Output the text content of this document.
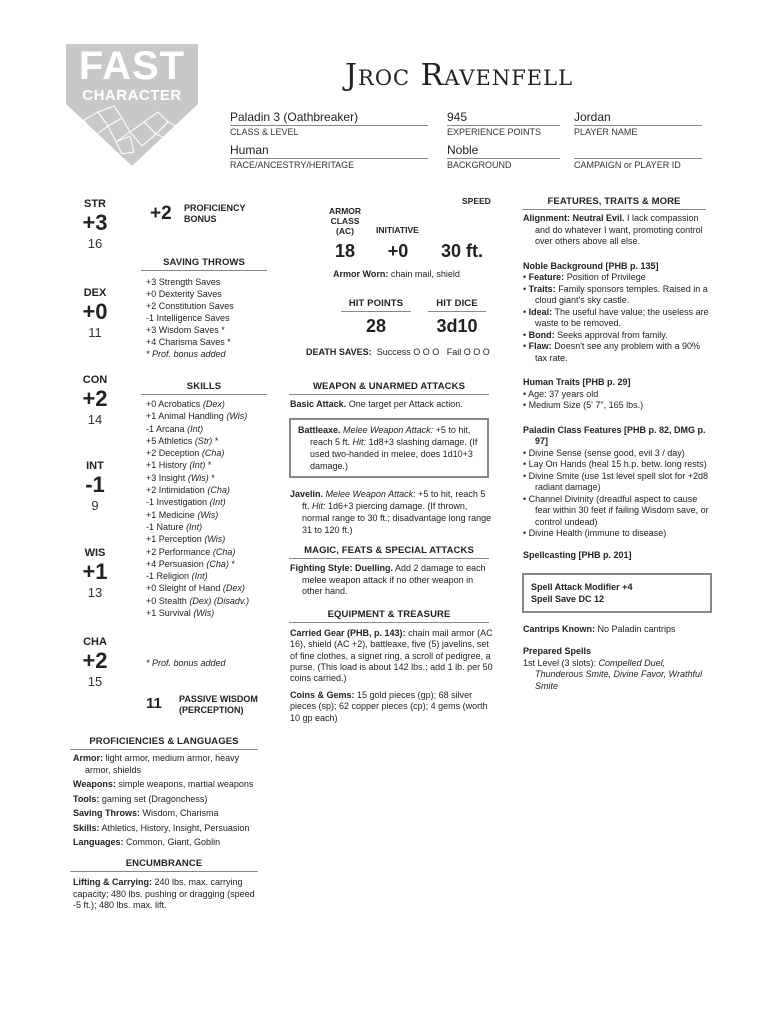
FAST
CHARACTER
Jroc Ravenfell
Paladin 3 (Oathbreaker)
CLASS & LEVEL
945
EXPERIENCE POINTS
Jordan
PLAYER NAME
Human
RACE/ANCESTRY/HERITAGE
Noble
BACKGROUND	CAMPAIGN or PLAYER ID
STR
+3
16
DEX
+0
11
CON
+2
14
INT
-1
9
WIS
+1
13
CHA
+2
15
+2 PROFICIENCY
BONUS
SAVING THROWS
+3 Strength Saves
+0 Dexterity Saves
+2 Constitution Saves
-1 Intelligence Saves
+3 Wisdom Saves *
+4 Charisma Saves *
* Prof. bonus added
SKILLS
+0 Acrobatics (Dex)
+1 Animal Handling (Wis)
-1 Arcana (Int)
+5 Athletics (Str) *
+2 Deception (Cha)
+1 History (Int) *
+3 Insight (Wis) *
+2 Intimidation (Cha)
-1 Investigation (Int)
+1 Medicine (Wis)
-1 Nature (Int)
+1 Perception (Wis)
+2 Performance (Cha)
+4 Persuasion (Cha) *
-1 Religion (Int)
+0 Sleight of Hand (Dex)
+0 Stealth (Dex) (Disadv.)
+1 Survival (Wis)
* Prof. bonus added
11 PASSIVE WISDOM
(PERCEPTION)
PROFICIENCIES & LANGUAGES
Armor: light armor, medium armor, heavy armor, shields
Weapons: simple weapons, martial weapons
Tools: gaming set (Dragonchess)
Saving Throws: Wisdom, Charisma
Skills: Athletics, History, Insight, Persuasion
Languages: Common, Giant, Goblin
ENCUMBRANCE
Lifting & Carrying: 240 lbs. max. carrying capacity; 480 lbs. pushing or dragging (speed -5 ft.); 480 lbs. max. lift.
ARMOR
CLASS
(AC)	INITIATIVE
SPEED
18	+0	30 ft.
Armor Worn: chain mail, shield
HIT POINTS	HIT DICE
28	3d10
DEATH SAVES: Success O O O Fail O O O
WEAPON & UNARMED ATTACKS
Basic Attack. One target per Attack action.
Battleaxe. Melee Weapon Attack: +5 to hit, reach 5 ft. Hit: 1d8+3 slashing damage. (If used two-handed in melee, does 1d10+3 damage.)
Javelin. Melee Weapon Attack: +5 to hit, reach 5 ft. Hit: 1d6+3 piercing damage. (If thrown, normal range to 30 ft.; disadvantage long range 31 to 120 ft.)
MAGIC, FEATS & SPECIAL ATTACKS
Fighting Style: Duelling. Add 2 damage to each melee weapon attack if no other weapon in other hand.
EQUIPMENT & TREASURE
Carried Gear (PHB, p. 143): chain mail armor (AC 16), shield (AC +2), battleaxe, five (5) javelins, set of fine clothes, a signet ring, a scroll of pedigree, a purse. (This load is about 142 lbs.; add 1 lb. per 50 coins carried.)
Coins & Gems: 15 gold pieces (gp); 68 silver pieces (sp); 62 copper pieces (cp); 4 gems (worth 10 gp each)
FEATURES, TRAITS & MORE
Alignment: Neutral Evil. I lack compassion and do whatever I want, promoting control over others above all else.
Noble Background [PHB p. 135]
• Feature: Position of Privilege
• Traits: Family sponsors temples. Raised in a cloud giant's sky castle.
• Ideal: The useful have value; the useless are waste to be removed.
• Bond: Seeks approval from family.
• Flaw: Doesn't see any problem with a 90% tax rate.
Human Traits [PHB p. 29]
• Age: 37 years old
• Medium Size (5' 7", 165 lbs.)
Paladin Class Features [PHB p. 82, DMG p. 97]
• Divine Sense (sense good, evil 3 / day)
• Lay On Hands (heal 15 h.p. betw. long rests)
• Divine Smite (use 1st level spell slot for +2d8 radiant damage)
• Channel Divinity (dreadful aspect to cause fear within 30 feet if failing Wisdom save, or control undead)
• Divine Health (immune to disease)
Spellcasting [PHB p. 201]
Spell Attack Modifier +4
Spell Save DC 12
Cantrips Known: No Paladin cantrips
Prepared Spells
1st Level (3 slots): Compelled Duel, Thunderous Smite, Divine Favor, Wrathful Smite
